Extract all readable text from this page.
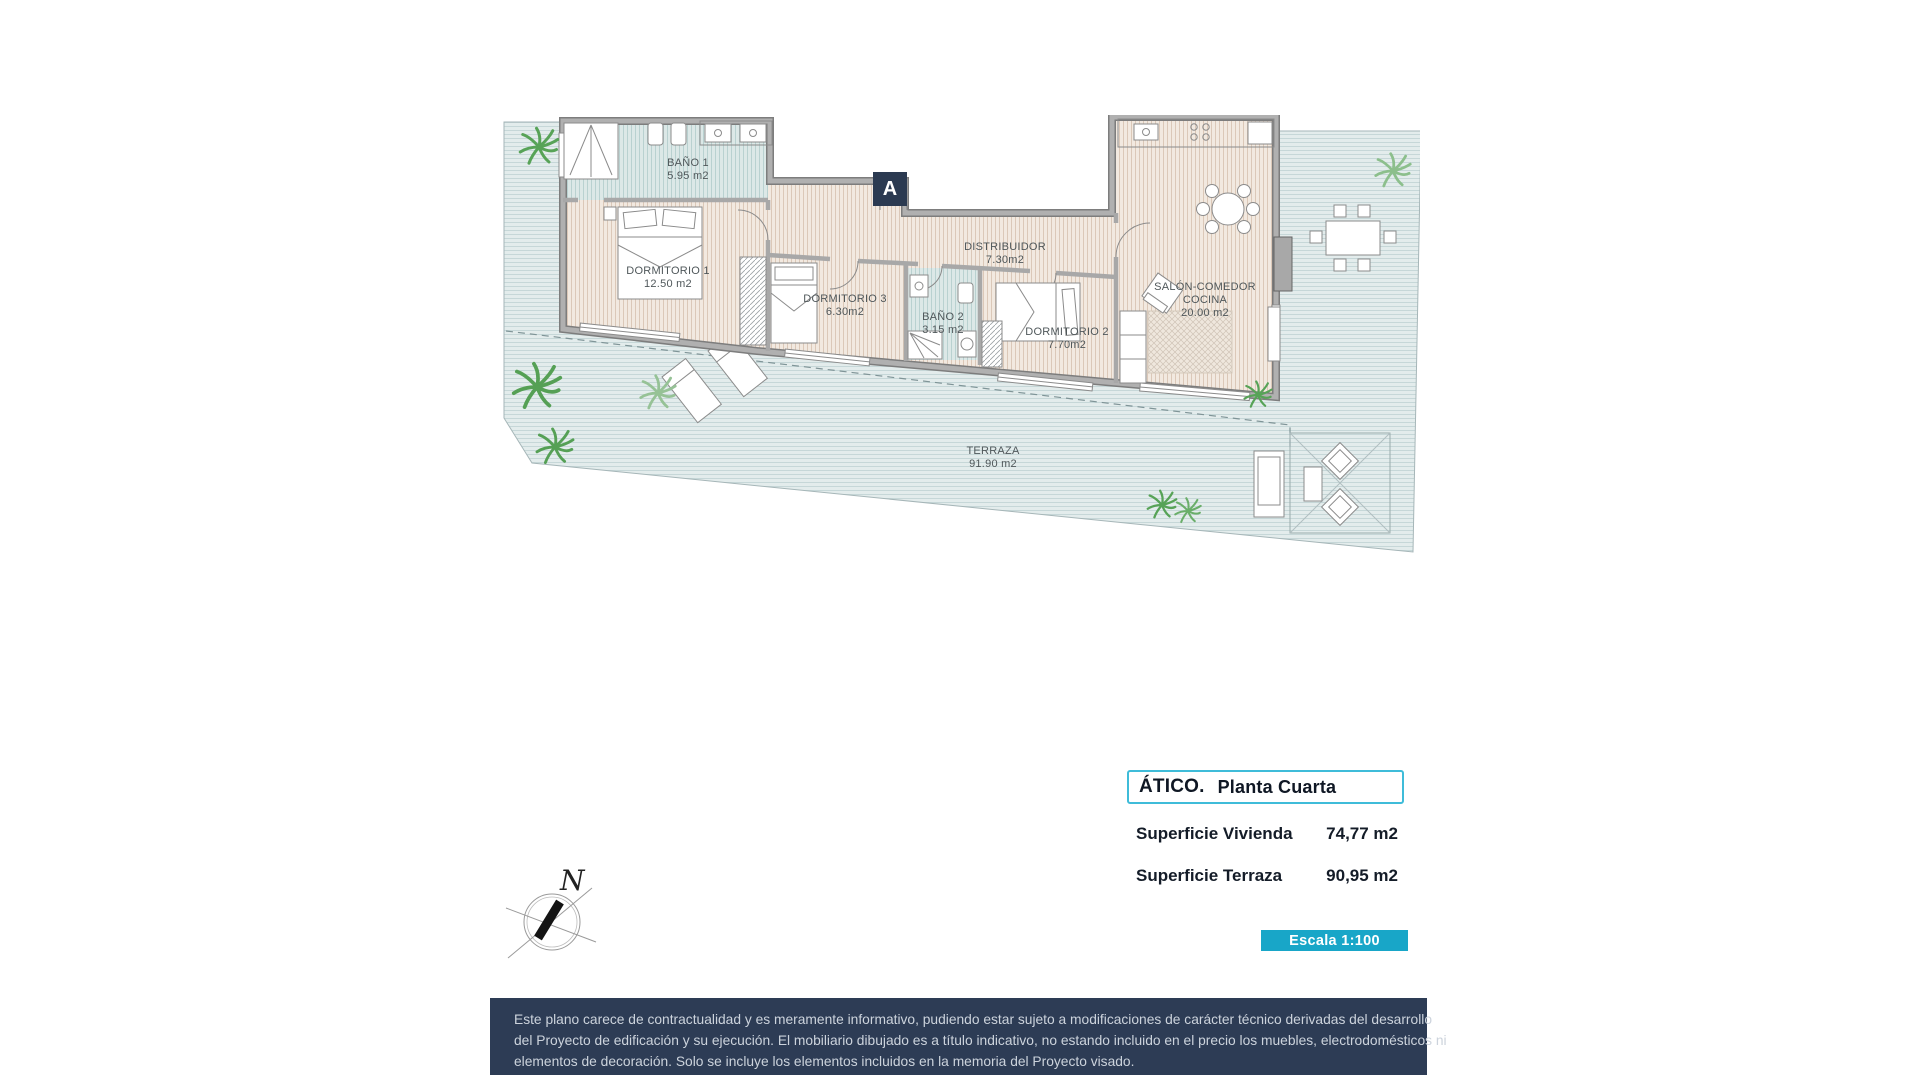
BAÑO 1
5.95 m2
DORMITORIO 1
12.50 m2
DORMITORIO 3
6.30m2	BAÑO 2
3.15 m2
DISTRIBUIDOR
7.30m2
DORMITORIO 2
7.70m2
SALÓN-COMEDOR
COCINA
20.00 m2
TERRAZA
91.90 m2
A
N
ÁTICO. Planta Cuarta
Superficie Vivienda 74,77 m2
Superficie Terraza	90,95 m2
Escala 1:100
Este plano carece de contractualidad y es meramente informativo, pudiendo estar sujeto a modificaciones de carácter técnico derivadas del desarrollo
del Proyecto de edificación y su ejecución. El mobiliario dibujado es a título indicativo, no estando incluido en el precio los muebles, electrodomésticos ni
elementos de decoración. Solo se incluye los elementos incluidos en la memoria del Proyecto visado.
